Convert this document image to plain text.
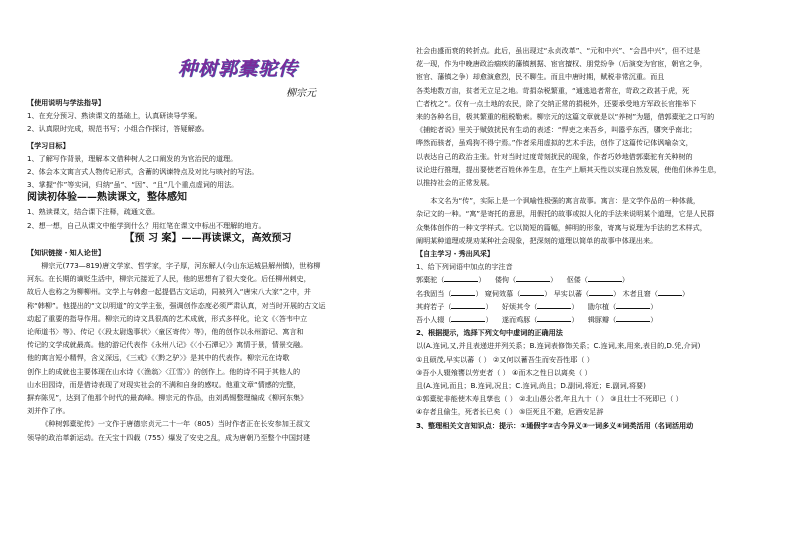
种树郭橐驼传
柳宗元
【使用说明与学法指导】
1、在充分预习、熟读课文的基础上，认真研读导学案。
2、认真限时完成，规范书写；小组合作探讨，答疑解惑。
【学习目标】
1、了解写作背景，理解本文借种树人之口阐发的为官治民的道理。
2、体会本文寓言式人物传记形式，含蓄的讽谏特点及对比与映衬的写法。
3、掌握“作”等实词，归纳“虽”、“因”、“且”几个重点虚词的用法。
阅读初体验——熟读课文，整体感知
1、熟读课文，结合课下注释，疏通文意。
2、想一想，自己从课文中能学到什么？用红笔在课文中标出不理解的地方。
【预 习 案】——再读课文，高效预习
【知识链接・知人论世】
柳宗元(773—819)唐文学家、哲学家，字子厚，河东解人(今山东运城县解州镇)，世称柳
河东。在长期的谪贬生活中，柳宗元接近了人民，他的思想有了很大变化。后任柳州刺史，
故后人也称之为柳柳州。文学上与韩愈一起提倡古文运动，同被列入“唐宋八大家”之中，并
称“韩柳”。他提出的“文以明道”的文学主张，强调创作态度必须严肃认真，对当时开展的古文运
动起了重要的指导作用。柳宗元的诗文具很高的艺术成就，形式多样化，论文《〈答韦中立
论师道书〉等》、传记《〈段太尉逸事状〉〈童区寄传〉等》，他的创作以永州游记、寓言和
传记的文学成就最高。他的游记代表作《永州八记》《〈小石潭记〉》寓情于景，情景交融。
他的寓言短小精悍，含义深远，《三戒》《〈黔之驴〉》是其中的代表作。柳宗元在诗歌
创作上的成就也主要体现在山水诗《〈渔翁〉〈江雪〉》的创作上。他的诗不同于其他人的
山水田园诗，而是借诗表现了对现实社会的不满和自身的感叹。他重文章“情感的完整，
摒弃陈见”，达到了他那个时代的最高峰。柳宗元的作品，由刘禹锡整理编成《柳河东集》
刘并作了序。
《种树郭橐驼传》一文作于唐德宗贞元二十一年（805）当时作者正在长安参加王叔文
领导的政治革新运动。在天宝十四载（755）爆发了安史之乱，成为唐朝乃至整个中国封建
社会由盛而衰的转折点。此后，虽出现过“永贞改革”、“元和中兴”、“会昌中兴”，但不过是
花一现，作为中晚唐政治痼疾的藩镇割据、宦官擅权、朋党纷争（后演变为官宦，朝官之争，
宦官、藩镇之争）却愈演愈烈，民不聊生。而且中唐时期，赋税非常沉重。而且
各类地数万亩，贫者无立足之地。苛捐杂税繁重，“逋逃追者常在，苛政之政甚于虎，死
亡者枕之”。仅有一点土地的农民，除了交纳正常的捐税外，还要承受地方军政长官推举下
来的各种名目，极其繁重的租税勒索。柳宗元的这篇文章就是以“养树”为题，借郭橐驼之口写的
《捕蛇者说》里关于赋敛扰民有生动的表述：“悍吏之来吾乡，叫嚣乎东西，隳突乎南北；
哗然而骇者，虽鸡狗不得宁焉。”作者采用虚拟的艺术手法，创作了这篇传记体讽喻杂文，
以表达自己的政治主张。针对当时过度苛刻扰民的现象，作者巧妙地借郭橐驼有关种树的
议论进行推理，提出要使老百姓休养生息，在生产上顺其天性以实现自然发展，使他们休养生息，
以推持社会的正常发展。
本文名为“传”，实际上是一个讽喻性极强的寓言故事。寓言：是文学作品的一种体裁，
杂记文的一种。“寓”是寄托的意思，用假托的故事或拟人化的手法来说明某个道理，它是人民群
众集体创作的一种文学样式。它以简短的篇幅，鲜明的形象，寄寓与说理为手法的艺术样式，
阐明某种道理或规劝某种社会现象，把深刻的道理以简单的故事中体现出来。
【自主学习・秀出风采】
1、给下列词语中加点的字注音
郭橐驼（	）  偻佝（	）  伛偻（	）
名我固当（	） 窥伺效慕（	） 早实以蕃（	） 木者且窘（	）
其莳若子（	）  好烦其令（	）  勖尔植（	）
吾小人辍（	）  遂而鸡豚（	）  辑豚瓣（	）
2、根据提示，选择下列文句中虚词的正确用法
以(A.连词,又,并且表递进并列关系；B.连词表修饰关系；C.连词,来,用来,表目的,D.凭,介词)
①且硕茂,早实以蕃（ ） ②又何以蓄吾生而安吾性耶（ ）
③吾小人辍飧饔以劳吏者（ ） ④而木之性日以离矣（ ）
且(A.连词,而且；B.连词,况且；C.连词,尚且；D.副词,将近；E.副词,将要)
①郭橐驼非能使木寿且孳也（ ） ②北山愚公者,年且九十（ ） ③且壮士不死即已（ ）
④存者且偷生，死者长已矣（ ） ⑤臣死且不避，卮酒安足辞
3、整理相关文言知识点：提示：①通假字②古今异义③一词多义④词类活用（名词活用动
